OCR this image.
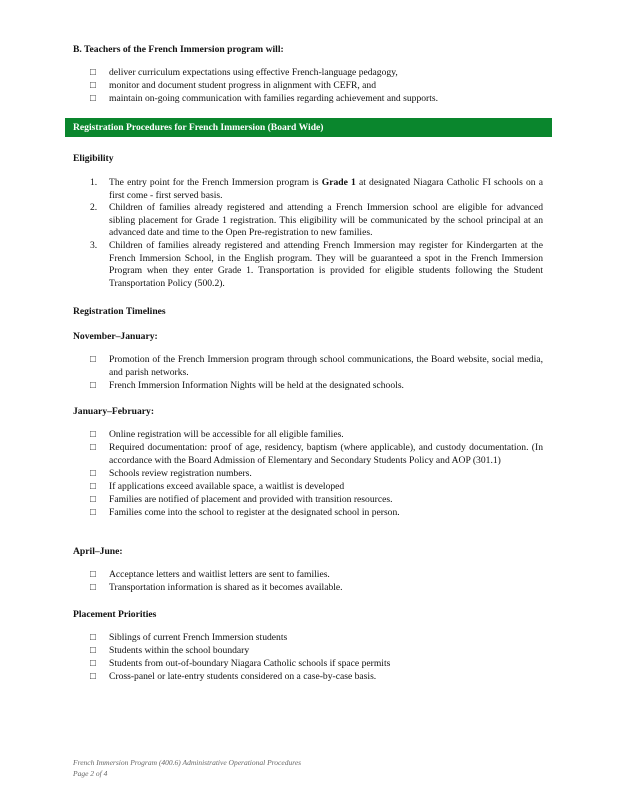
B. Teachers of the French Immersion program will:
□ deliver curriculum expectations using effective French-language pedagogy,
□ monitor and document student progress in alignment with CEFR, and
□ maintain on-going communication with families regarding achievement and supports.
Registration Procedures for French Immersion (Board Wide)
Eligibility
1. The entry point for the French Immersion program is Grade 1 at designated Niagara Catholic FI schools on a first come - first served basis.
2. Children of families already registered and attending a French Immersion school are eligible for advanced sibling placement for Grade 1 registration. This eligibility will be communicated by the school principal at an advanced date and time to the Open Pre-registration to new families.
3. Children of families already registered and attending French Immersion may register for Kindergarten at the French Immersion School, in the English program. They will be guaranteed a spot in the French Immersion Program when they enter Grade 1. Transportation is provided for eligible students following the Student Transportation Policy (500.2).
Registration Timelines
November–January:
□ Promotion of the French Immersion program through school communications, the Board website, social media, and parish networks.
□ French Immersion Information Nights will be held at the designated schools.
January–February:
□ Online registration will be accessible for all eligible families.
□ Required documentation: proof of age, residency, baptism (where applicable), and custody documentation. (In accordance with the Board Admission of Elementary and Secondary Students Policy and AOP (301.1)
□ Schools review registration numbers.
□ If applications exceed available space, a waitlist is developed
□ Families are notified of placement and provided with transition resources.
□ Families come into the school to register at the designated school in person.
April–June:
□ Acceptance letters and waitlist letters are sent to families.
□ Transportation information is shared as it becomes available.
Placement Priorities
□ Siblings of current French Immersion students
□ Students within the school boundary
□ Students from out-of-boundary Niagara Catholic schools if space permits
□ Cross-panel or late-entry students considered on a case-by-case basis.
French Immersion Program (400.6) Administrative Operational Procedures
Page 2 of 4
